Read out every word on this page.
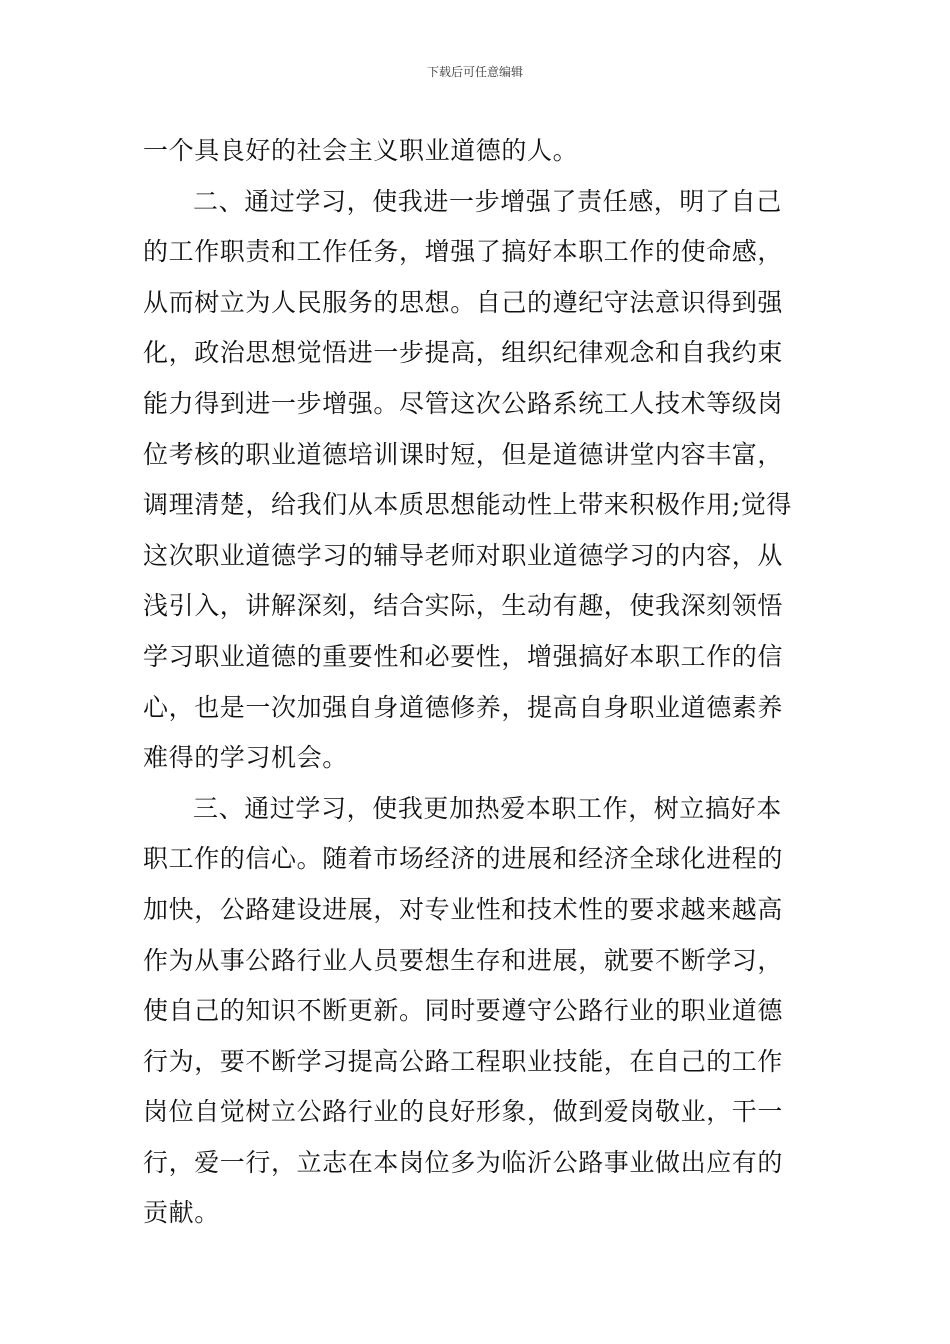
下载后可任意编辑
一个具良好的社会主义职业道德的人。
二、通过学习，使我进一步增强了责任感，明了自己
的工作职责和工作任务，增强了搞好本职工作的使命感，
从而树立为人民服务的思想。自己的遵纪守法意识得到强
化，政治思想觉悟进一步提高，组织纪律观念和自我约束
能力得到进一步增强。尽管这次公路系统工人技术等级岗
位考核的职业道德培训课时短，但是道德讲堂内容丰富，
调理清楚，给我们从本质思想能动性上带来积极作用;觉得
这次职业道德学习的辅导老师对职业道德学习的内容，从
浅引入，讲解深刻，结合实际，生动有趣，使我深刻领悟
学习职业道德的重要性和必要性，增强搞好本职工作的信
心，也是一次加强自身道德修养，提高自身职业道德素养
难得的学习机会。
三、通过学习，使我更加热爱本职工作，树立搞好本
职工作的信心。随着市场经济的进展和经济全球化进程的
加快，公路建设进展，对专业性和技术性的要求越来越高
作为从事公路行业人员要想生存和进展，就要不断学习，
使自己的知识不断更新。同时要遵守公路行业的职业道德
行为，要不断学习提高公路工程职业技能，在自己的工作
岗位自觉树立公路行业的良好形象，做到爱岗敬业，干一
行，爱一行，立志在本岗位多为临沂公路事业做出应有的
贡献。
